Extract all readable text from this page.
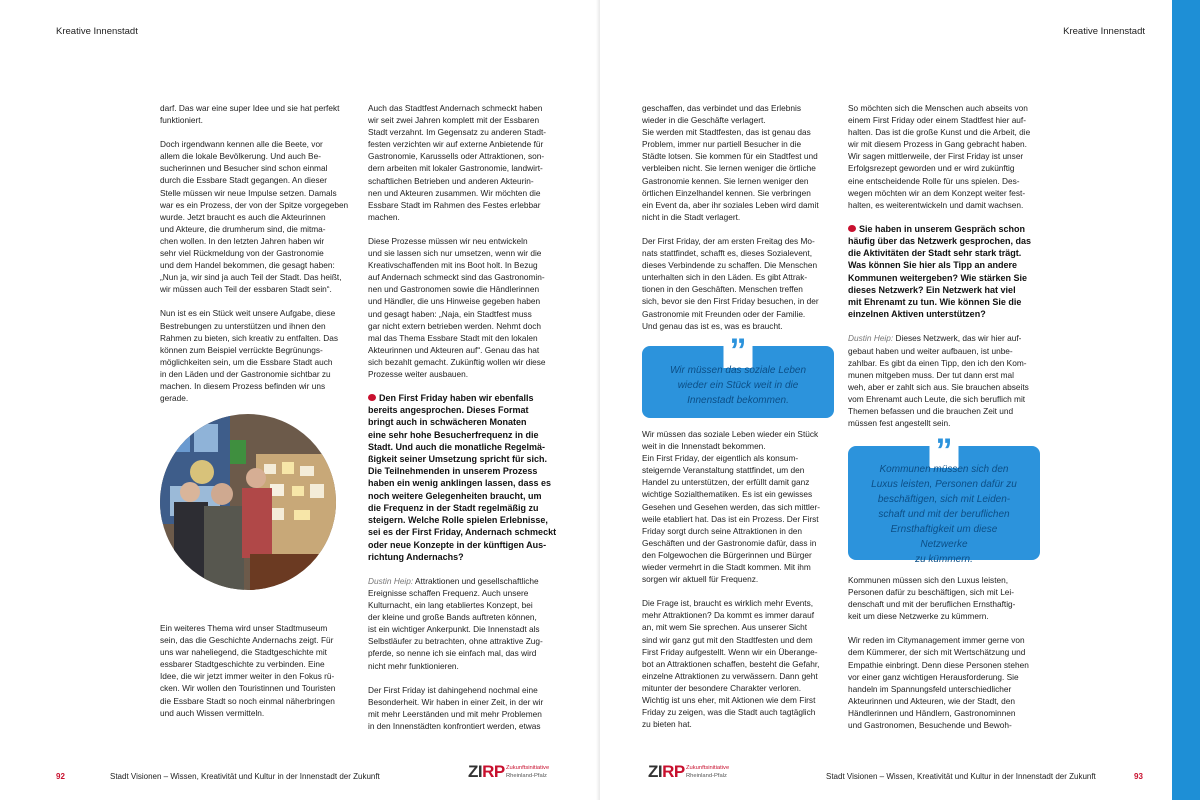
Kreative Innenstadt

darf. Das war eine super Idee und sie hat perfekt
funktioniert.

Doch irgendwann kennen alle die Beete, vor
allem die lokale Bevölkerung. Und auch Be-
sucherinnen und Besucher sind schon einmal
durch die Essbare Stadt gegangen. An dieser
Stelle müssen wir neue Impulse setzen. Damals
war es ein Prozess, der von der Spitze vorgegeben
wurde. Jetzt braucht es auch die Akteurinnen
und Akteure, die drumherum sind, die mitma-
chen wollen. In den letzten Jahren haben wir
sehr viel Rückmeldung von der Gastronomie
und dem Handel bekommen, die gesagt haben:
„Nun ja, wir sind ja auch Teil der Stadt. Das heißt,
wir müssen auch Teil der essbaren Stadt sein“.

Nun ist es ein Stück weit unsere Aufgabe, diese
Bestrebungen zu unterstützen und ihnen den
Rahmen zu bieten, sich kreativ zu entfalten. Das
können zum Beispiel verrückte Begrünungs-
möglichkeiten sein, um die Essbare Stadt auch
in den Läden und der Gastronomie sichtbar zu
machen. In diesem Prozess befinden wir uns
gerade.

Ein weiteres Thema wird unser Stadtmuseum
sein, das die Geschichte Andernachs zeigt. Für
uns war naheliegend, die Stadtgeschichte mit
essbarer Stadtgeschichte zu verbinden. Eine
Idee, die wir jetzt immer weiter in den Fokus rü-
cken. Wir wollen den Touristinnen und Touristen
die Essbare Stadt so noch einmal näherbringen
und auch Wissen vermitteln.

Auch das Stadtfest Andernach schmeckt haben
wir seit zwei Jahren komplett mit der Essbaren
Stadt verzahnt. Im Gegensatz zu anderen Stadt-
festen verzichten wir auf externe Anbietende für
Gastronomie, Karussells oder Attraktionen, son-
dern arbeiten mit lokaler Gastronomie, landwirt-
schaftlichen Betrieben und anderen Akteurin-
nen und Akteuren zusammen. Wir möchten die
Essbare Stadt im Rahmen des Festes erlebbar
machen.

Diese Prozesse müssen wir neu entwickeln
und sie lassen sich nur umsetzen, wenn wir die
Kreativschaffenden mit ins Boot holt. In Bezug
auf Andernach schmeckt sind das Gastronomin-
nen und Gastronomen sowie die Händlerinnen
und Händler, die uns Hinweise gegeben haben
und gesagt haben: „Naja, ein Stadtfest muss
gar nicht extern betrieben werden. Nehmt doch
mal das Thema Essbare Stadt mit den lokalen
Akteurinnen und Akteuren auf“. Genau das hat
sich bezahlt gemacht. Zukünftig wollen wir diese
Prozesse weiter ausbauen.

Den First Friday haben wir ebenfalls
bereits angesprochen. Dieses Format
bringt auch in schwächeren Monaten
eine sehr hohe Besucherfrequenz in die
Stadt. Und auch die monatliche Regelmä-
ßigkeit seiner Umsetzung spricht für sich.
Die Teilnehmenden in unserem Prozess
haben ein wenig anklingen lassen, dass es
noch weitere Gelegenheiten braucht, um
die Frequenz in der Stadt regelmäßig zu
steigern. Welche Rolle spielen Erlebnisse,
sei es der First Friday, Andernach schmeckt
oder neue Konzepte in der künftigen Aus-
richtung Andernachs?

Dustin Heip: Attraktionen und gesellschaftliche
Ereignisse schaffen Frequenz. Auch unsere
Kulturnacht, ein lang etabliertes Konzept, bei
der kleine und große Bands auftreten können,
ist ein wichtiger Ankerpunkt. Die Innenstadt als
Selbstläufer zu betrachten, ohne attraktive Zug-
pferde, so nenne ich sie einfach mal, das wird
nicht mehr funktionieren.

Der First Friday ist dahingehend nochmal eine
Besonderheit. Wir haben in einer Zeit, in der wir
mit mehr Leerständen und mit mehr Problemen
in den Innenstädten konfrontiert werden, etwas

92	Stadt Visionen – Wissen, Kreativität und Kultur in der Innenstadt der Zukunft	ZIRP Zukunftsinitiative
Rheinland-Pfalz
Kreative Innenstadt

geschaffen, das verbindet und das Erlebnis
wieder in die Geschäfte verlagert.
Sie werden mit Stadtfesten, das ist genau das
Problem, immer nur partiell Besucher in die
Städte lotsen. Sie kommen für ein Stadtfest und
verbleiben nicht. Sie lernen weniger die örtliche
Gastronomie kennen. Sie lernen weniger den
örtlichen Einzelhandel kennen. Sie verbringen
ein Event da, aber ihr soziales Leben wird damit
nicht in die Stadt verlagert.

Der First Friday, der am ersten Freitag des Mo-
nats stattfindet, schafft es, dieses Sozialevent,
dieses Verbindende zu schaffen. Die Menschen
unterhalten sich in den Läden. Es gibt Attrak-
tionen in den Geschäften. Menschen treffen
sich, bevor sie den First Friday besuchen, in der
Gastronomie mit Freunden oder der Familie.
Und genau das ist es, was es braucht.

”
Wir müssen das soziale Leben
wieder ein Stück weit in die
Innenstadt bekommen.

Wir müssen das soziale Leben wieder ein Stück
weit in die Innenstadt bekommen.
Ein First Friday, der eigentlich als konsum-
steigernde Veranstaltung stattfindet, um den
Handel zu unterstützen, der erfüllt damit ganz
wichtige Sozialthematiken. Es ist ein gewisses
Gesehen und Gesehen werden, das sich mittler-
weile etabliert hat. Das ist ein Prozess. Der First
Friday sorgt durch seine Attraktionen in den
Geschäften und der Gastronomie dafür, dass in
den Folgewochen die Bürgerinnen und Bürger
wieder vermehrt in die Stadt kommen. Mit ihm
sorgen wir aktuell für Frequenz.

Die Frage ist, braucht es wirklich mehr Events,
mehr Attraktionen? Da kommt es immer darauf
an, mit wem Sie sprechen. Aus unserer Sicht
sind wir ganz gut mit den Stadtfesten und dem
First Friday aufgestellt. Wenn wir ein Überange-
bot an Attraktionen schaffen, besteht die Gefahr,
einzelne Attraktionen zu verwässern. Dann geht
mitunter der besondere Charakter verloren.
Wichtig ist uns eher, mit Aktionen wie dem First
Friday zu zeigen, was die Stadt auch tagtäglich
zu bieten hat.

So möchten sich die Menschen auch abseits von
einem First Friday oder einem Stadtfest hier auf-
halten. Das ist die große Kunst und die Arbeit, die
wir mit diesem Prozess in Gang gebracht haben.
Wir sagen mittlerweile, der First Friday ist unser
Erfolgsrezept geworden und er wird zukünftig
eine entscheidende Rolle für uns spielen. Des-
wegen möchten wir an dem Konzept weiter fest-
halten, es weiterentwickeln und damit wachsen.

Sie haben in unserem Gespräch schon
häufig über das Netzwerk gesprochen, das
die Aktivitäten der Stadt sehr stark trägt.
Was können Sie hier als Tipp an andere
Kommunen weitergeben? Wie stärken Sie
dieses Netzwerk? Ein Netzwerk hat viel
mit Ehrenamt zu tun. Wie können Sie die
einzelnen Aktiven unterstützen?

Dustin Heip: Dieses Netzwerk, das wir hier auf-
gebaut haben und weiter aufbauen, ist unbe-
zahlbar. Es gibt da einen Tipp, den ich den Kom-
munen mitgeben muss. Der tut dann erst mal
weh, aber er zahlt sich aus. Sie brauchen abseits
vom Ehrenamt auch Leute, die sich beruflich mit
Themen befassen und die brauchen Zeit und
müssen fest angestellt sein.

”
Kommunen müssen sich den
Luxus leisten, Personen dafür zu
beschäftigen, sich mit Leiden-
schaft und mit der beruflichen
Ernsthaftigkeit um diese Netzwerke
zu kümmern.

Kommunen müssen sich den Luxus leisten,
Personen dafür zu beschäftigen, sich mit Lei-
denschaft und mit der beruflichen Ernsthaftig-
keit um diese Netzwerke zu kümmern.

Wir reden im Citymanagement immer gerne von
dem Kümmerer, der sich mit Wertschätzung und
Empathie einbringt. Denn diese Personen stehen
vor einer ganz wichtigen Herausforderung. Sie
handeln im Spannungsfeld unterschiedlicher
Akteurinnen und Akteuren, wie der Stadt, den
Händlerinnen und Händlern, Gastronominnen
und Gastronomen, Besuchende und Bewoh-

ZIRP Zukunftsinitiative
Rheinland-Pfalz	Stadt Visionen – Wissen, Kreativität und Kultur in der Innenstadt der Zukunft	93
